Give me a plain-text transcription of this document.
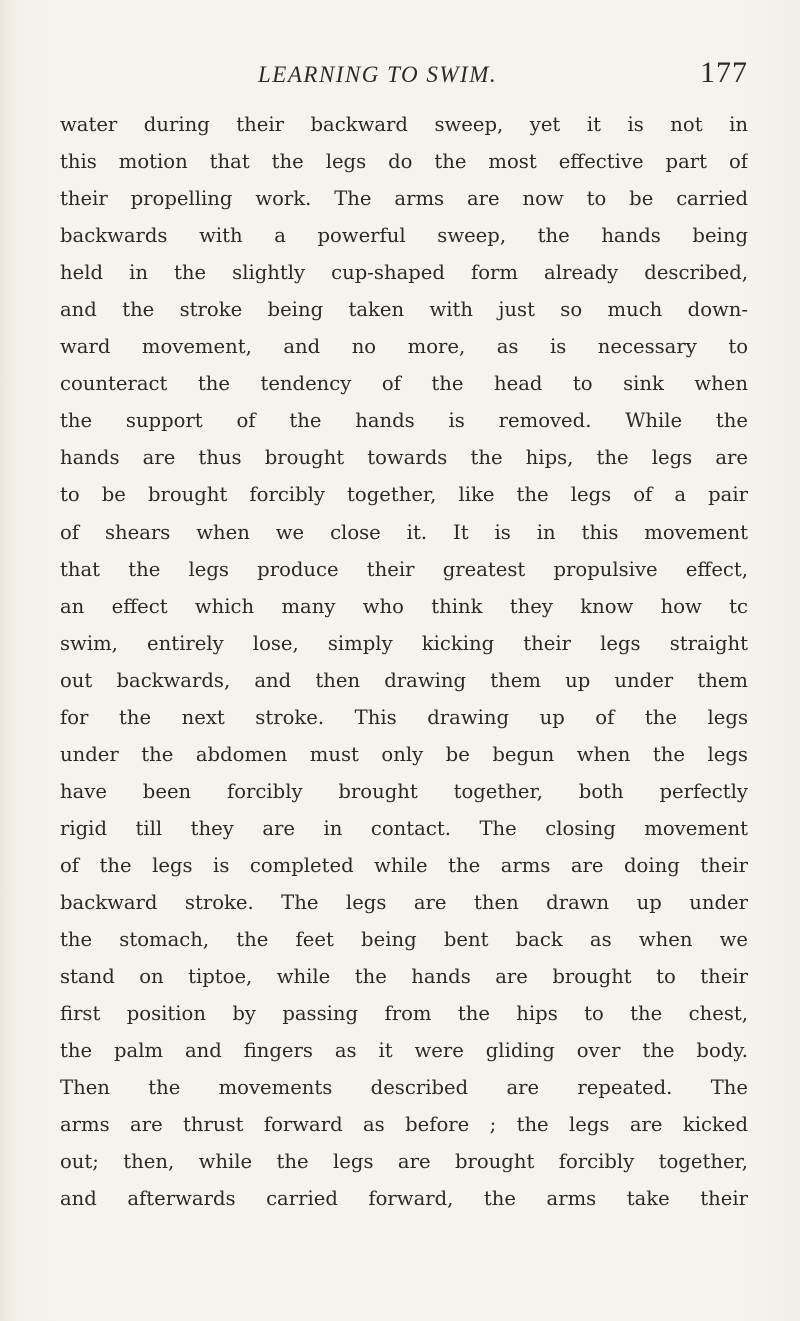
LEARNING TO SWIM.	177
water during their backward sweep, yet it is not in
this motion that the legs do the most effective part of
their propelling work. The arms are now to be carried
backwards with a powerful sweep, the hands being
held in the slightly cup-shaped form already described,
and the stroke being taken with just so much down-
ward movement, and no more, as is necessary to
counteract the tendency of the head to sink when
the support of the hands is removed. While the
hands are thus brought towards the hips, the legs are
to be brought forcibly together, like the legs of a pair
of shears when we close it. It is in this movement
that the legs produce their greatest propulsive effect,
an effect which many who think they know how tc
swim, entirely lose, simply kicking their legs straight
out backwards, and then drawing them up under them
for the next stroke. This drawing up of the legs
under the abdomen must only be begun when the legs
have been forcibly brought together, both perfectly
rigid till they are in contact. The closing movement
of the legs is completed while the arms are doing their
backward stroke. The legs are then drawn up under
the stomach, the feet being bent back as when we
stand on tiptoe, while the hands are brought to their
first position by passing from the hips to the chest,
the palm and fingers as it were gliding over the body.
Then the movements described are repeated. The
arms are thrust forward as before ; the legs are kicked
out; then, while the legs are brought forcibly together,
and afterwards carried forward, the arms take their
